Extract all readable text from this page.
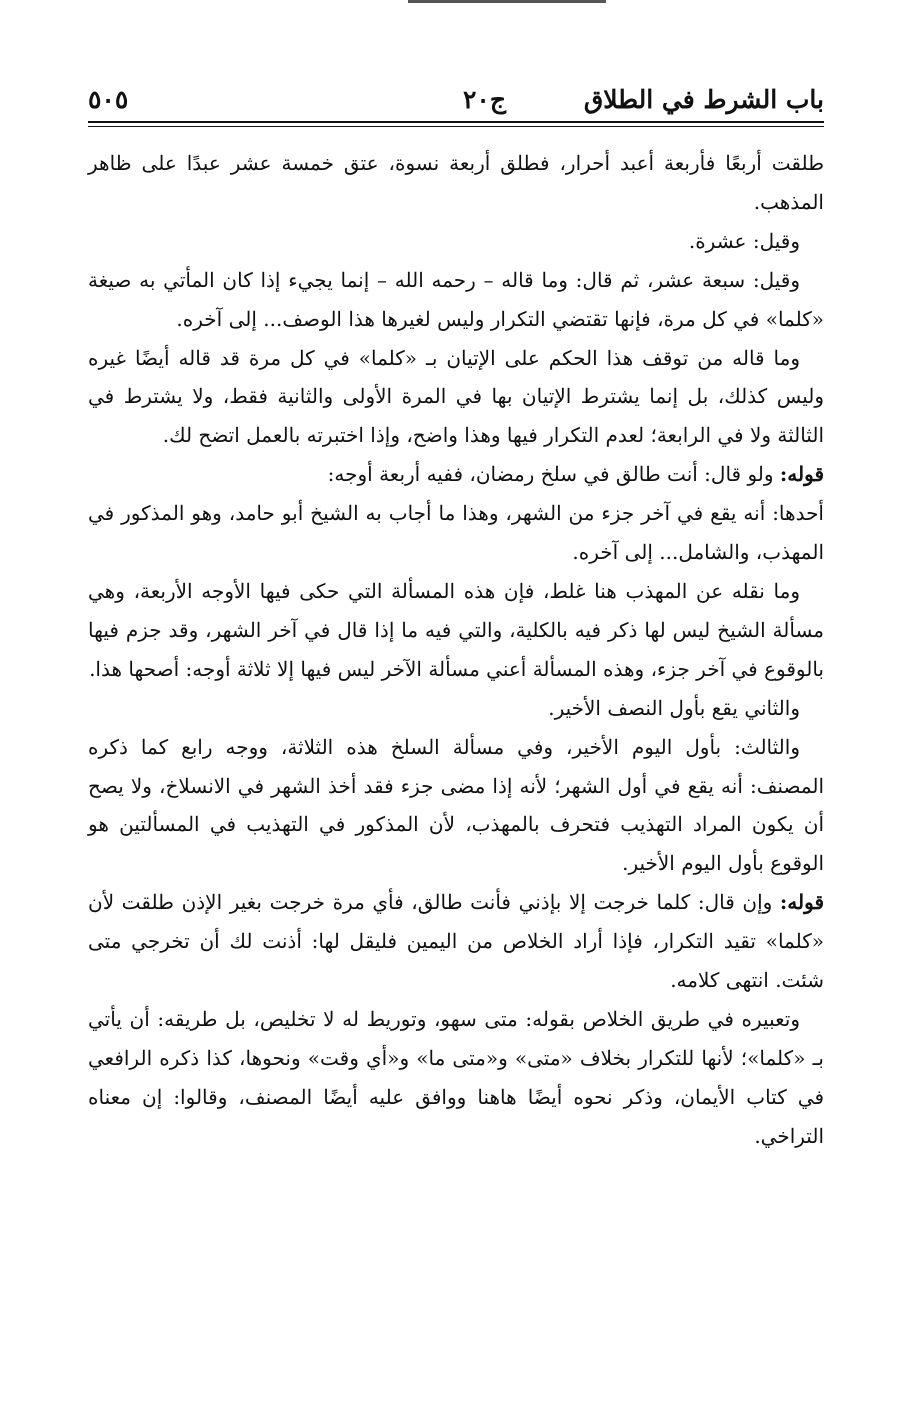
باب الشرط في الطلاق
ج٢٠
٥٠٥

طلقت أربعًا فأربعة أعبد أحرار، فطلق أربعة نسوة، عتق خمسة عشر عبدًا على ظاهر المذهب.

وقيل: عشرة.

وقيل: سبعة عشر، ثم قال: وما قاله – رحمه الله – إنما يجيء إذا كان المأتي به صيغة «كلما» في كل مرة، فإنها تقتضي التكرار وليس لغيرها هذا الوصف... إلى آخره.

وما قاله من توقف هذا الحكم على الإتيان بـ «كلما» في كل مرة قد قاله أيضًا غيره وليس كذلك، بل إنما يشترط الإتيان بها في المرة الأولى والثانية فقط، ولا يشترط في الثالثة ولا في الرابعة؛ لعدم التكرار فيها وهذا واضح، وإذا اختبرته بالعمل اتضح لك.

قوله: ولو قال: أنت طالق في سلخ رمضان، ففيه أربعة أوجه:

أحدها: أنه يقع في آخر جزء من الشهر، وهذا ما أجاب به الشيخ أبو حامد، وهو المذكور في المهذب، والشامل... إلى آخره.

وما نقله عن المهذب هنا غلط، فإن هذه المسألة التي حكى فيها الأوجه الأربعة، وهي مسألة الشيخ ليس لها ذكر فيه بالكلية، والتي فيه ما إذا قال في آخر الشهر، وقد جزم فيها بالوقوع في آخر جزء، وهذه المسألة أعني مسألة الآخر ليس فيها إلا ثلاثة أوجه: أصحها هذا.

والثاني يقع بأول النصف الأخير.

والثالث: بأول اليوم الأخير، وفي مسألة السلخ هذه الثلاثة، ووجه رابع كما ذكره المصنف: أنه يقع في أول الشهر؛ لأنه إذا مضى جزء فقد أخذ الشهر في الانسلاخ، ولا يصح أن يكون المراد التهذيب فتحرف بالمهذب، لأن المذكور في التهذيب في المسألتين هو الوقوع بأول اليوم الأخير.

قوله: وإن قال: كلما خرجت إلا بإذني فأنت طالق، فأي مرة خرجت بغير الإذن طلقت لأن «كلما» تقيد التكرار، فإذا أراد الخلاص من اليمين فليقل لها: أذنت لك أن تخرجي متى شئت. انتهى كلامه.

وتعبيره في طريق الخلاص بقوله: متى سهو، وتوريط له لا تخليص، بل طريقه: أن يأتي بـ «كلما»؛ لأنها للتكرار بخلاف «متى» و«متى ما» و«أي وقت» ونحوها، كذا ذكره الرافعي في كتاب الأيمان، وذكر نحوه أيضًا هاهنا ووافق عليه أيضًا المصنف، وقالوا: إن معناه التراخي.
